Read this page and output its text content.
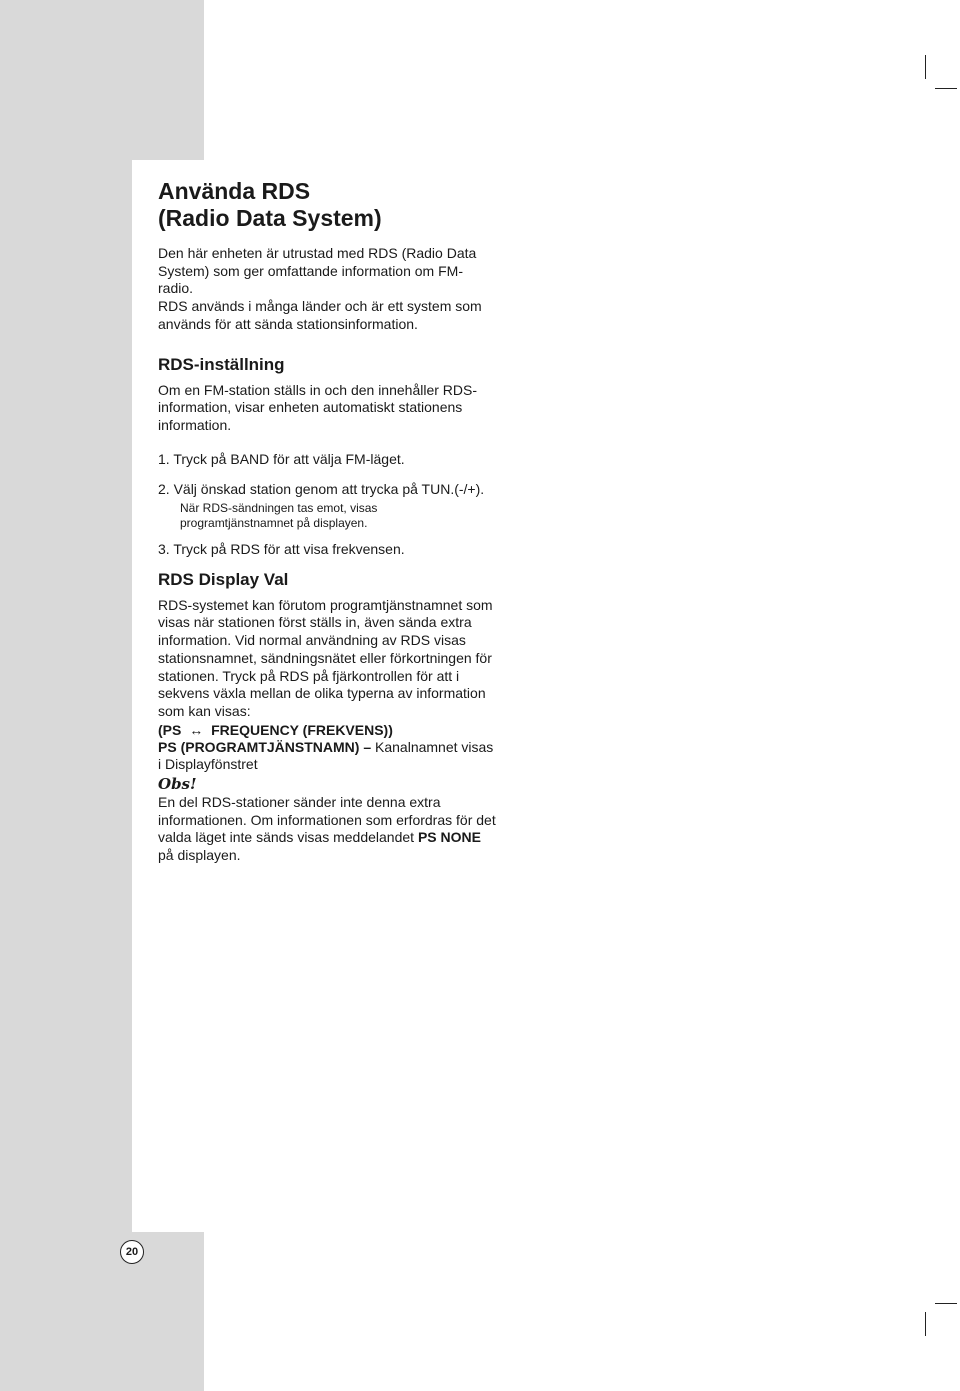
20
Använda RDS
(Radio Data System)

Den här enheten är utrustad med RDS (Radio Data

System) som ger omfattande information om FM-

radio.

RDS används i många länder och är ett system som

används för att sända stationsinformation.

RDS-inställning

Om en FM-station ställs in och den innehåller RDS-

information, visar enheten automatiskt stationens

information.

1. Tryck på BAND för att välja FM-läget.

2. Välj önskad station genom att trycka på TUN.(-/+).

När RDS-sändningen tas emot, visas

programtjänstnamnet på displayen.

3. Tryck på RDS för att visa frekvensen.

RDS Display Val

RDS-systemet kan förutom programtjänstnamnet som

visas när stationen först ställs in, även sända extra

information. Vid normal användning av RDS visas

stationsnamnet, sändningsnätet eller förkortningen för

stationen. Tryck på RDS på fjärkontrollen för att i

sekvens växla mellan de olika typerna av information

som kan visas:

(PS ↔ FREQUENCY (FREKVENS))

PS (PROGRAMTJÄNSTNAMN) – Kanalnamnet visas

i Displayfönstret

Obs!

En del RDS-stationer sänder inte denna extra

informationen. Om informationen som erfordras för det

valda läget inte sänds visas meddelandet PS NONE

på displayen.
